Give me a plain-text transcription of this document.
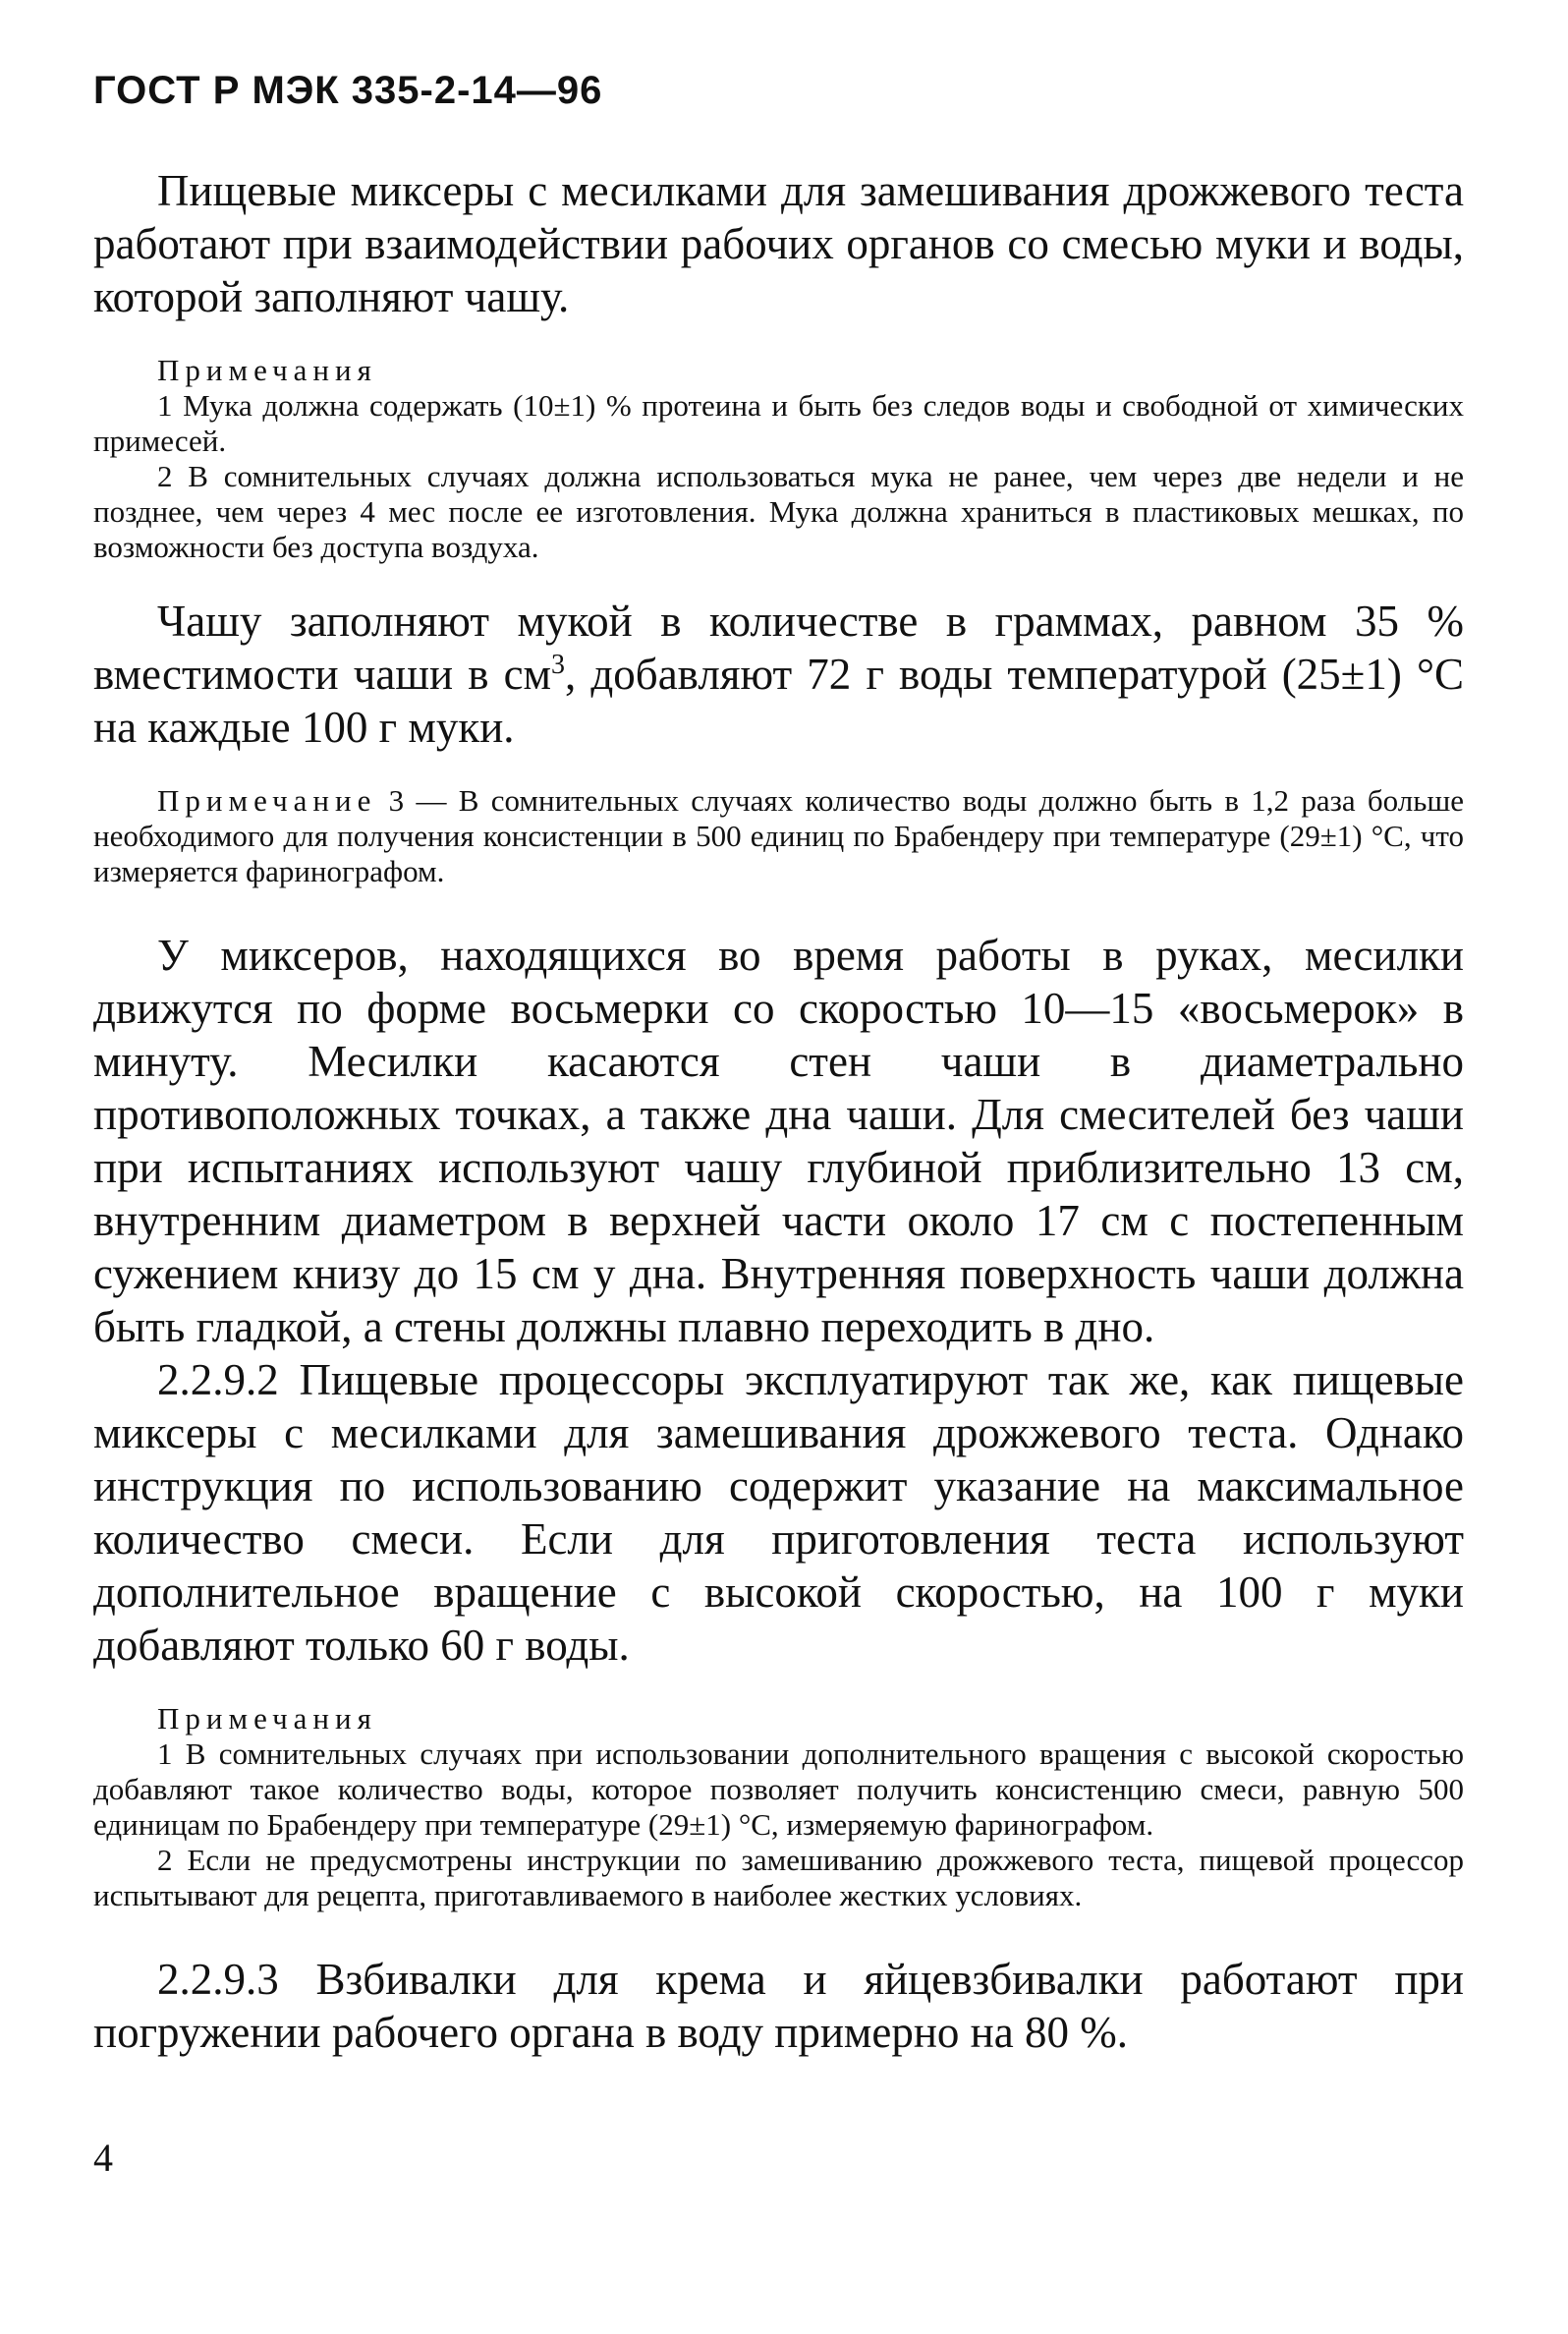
ГОСТ Р МЭК 335-2-14—96

Пищевые миксеры с месилками для замешивания дрожжевого теста работают при взаимодействии рабочих органов со смесью муки и воды, которой заполняют чашу.

Примечания

1 Мука должна содержать (10±1) % протеина и быть без следов воды и свободной от химических примесей.

2 В сомнительных случаях должна использоваться мука не ранее, чем через две недели и не позднее, чем через 4 мес после ее изготовления. Мука должна храниться в пластиковых мешках, по возможности без доступа воздуха.

Чашу заполняют мукой в количестве в граммах, равном 35 % вместимости чаши в $см^3$, добавляют 72 г воды температурой (25±1) °С на каждые 100 г муки.

Примечание 3 — В сомнительных случаях количество воды должно быть в 1,2 раза больше необходимого для получения консистенции в 500 единиц по Брабендеру при температуре (29±1) °С, что измеряется фаринографом.

У миксеров, находящихся во время работы в руках, месилки движутся по форме восьмерки со скоростью 10—15 «восьмерок» в минуту. Месилки касаются стен чаши в диаметрально противоположных точках, а также дна чаши. Для смесителей без чаши при испытаниях используют чашу глубиной приблизительно 13 см, внутренним диаметром в верхней части около 17 см с постепенным сужением книзу до 15 см у дна. Внутренняя поверхность чаши должна быть гладкой, а стены должны плавно переходить в дно.

2.2.9.2 Пищевые процессоры эксплуатируют так же, как пищевые миксеры с месилками для замешивания дрожжевого теста. Однако инструкция по использованию содержит указание на максимальное количество смеси. Если для приготовления теста используют дополнительное вращение с высокой скоростью, на 100 г муки добавляют только 60 г воды.

Примечания

1 В сомнительных случаях при использовании дополнительного вращения с высокой скоростью добавляют такое количество воды, которое позволяет получить консистенцию смеси, равную 500 единицам по Брабендеру при температуре (29±1) °С, измеряемую фаринографом.

2 Если не предусмотрены инструкции по замешиванию дрожжевого теста, пищевой процессор испытывают для рецепта, приготавливаемого в наиболее жестких условиях.

2.2.9.3 Взбивалки для крема и яйцевзбивалки работают при погружении рабочего органа в воду примерно на 80 %.

4
